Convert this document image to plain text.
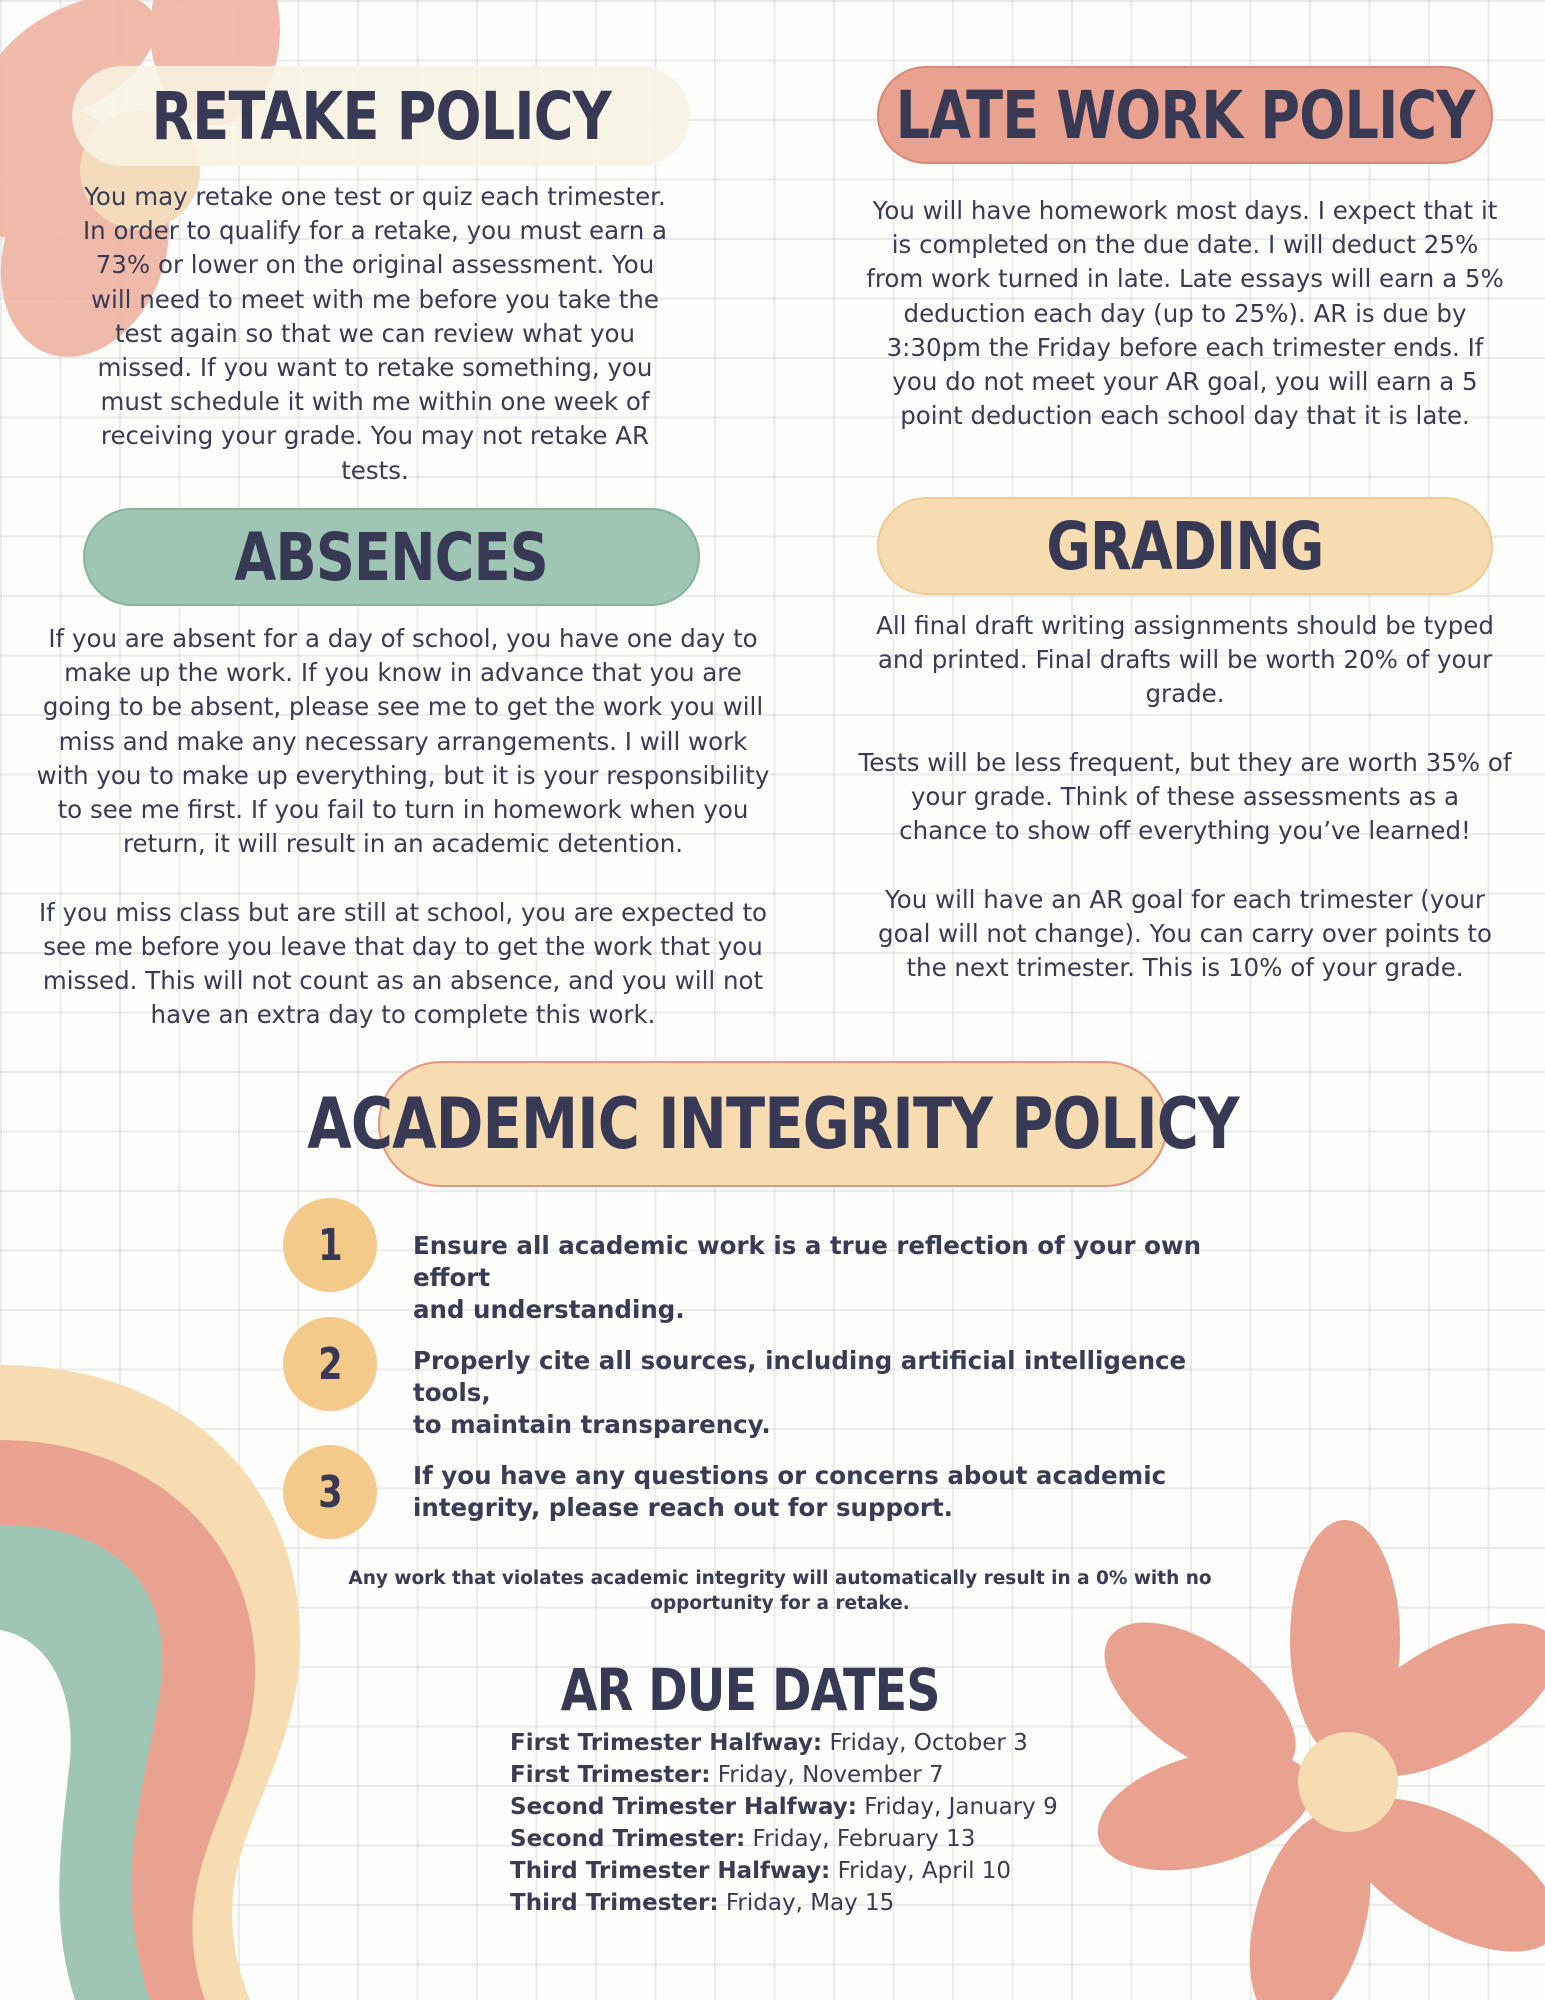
RETAKE POLICY
You may retake one test or quiz each trimester.
In order to qualify for a retake, you must earn a
73% or lower on the original assessment. You
will need to meet with me before you take the
test again so that we can review what you
missed. If you want to retake something, you
must schedule it with me within one week of
receiving your grade. You may not retake AR
tests.
LATE WORK POLICY
You will have homework most days. I expect that it
is completed on the due date. I will deduct 25%
from work turned in late. Late essays will earn a 5%
deduction each day (up to 25%). AR is due by
3:30pm the Friday before each trimester ends. If
you do not meet your AR goal, you will earn a 5
point deduction each school day that it is late.
ABSENCES
If you are absent for a day of school, you have one day to
make up the work. If you know in advance that you are
going to be absent, please see me to get the work you will
miss and make any necessary arrangements. I will work
with you to make up everything, but it is your responsibility
to see me first. If you fail to turn in homework when you
return, it will result in an academic detention.

If you miss class but are still at school, you are expected to
see me before you leave that day to get the work that you
missed. This will not count as an absence, and you will not
have an extra day to complete this work.
GRADING
All final draft writing assignments should be typed
and printed. Final drafts will be worth 20% of your
grade.

Tests will be less frequent, but they are worth 35% of
your grade. Think of these assessments as a
chance to show off everything you’ve learned!

You will have an AR goal for each trimester (your
goal will not change). You can carry over points to
the next trimester. This is 10% of your grade.
ACADEMIC INTEGRITY POLICY
1	Ensure all academic work is a true reflection of your own effort
and understanding.
2	Properly cite all sources, including artificial intelligence tools,
to maintain transparency.
3	If you have any questions or concerns about academic
integrity, please reach out for support.
Any work that violates academic integrity will automatically result in a 0% with no
opportunity for a retake.
AR DUE DATES
First Trimester Halfway: Friday, October 3
First Trimester: Friday, November 7
Second Trimester Halfway: Friday, January 9
Second Trimester: Friday, February 13
Third Trimester Halfway: Friday, April 10
Third Trimester: Friday, May 15
